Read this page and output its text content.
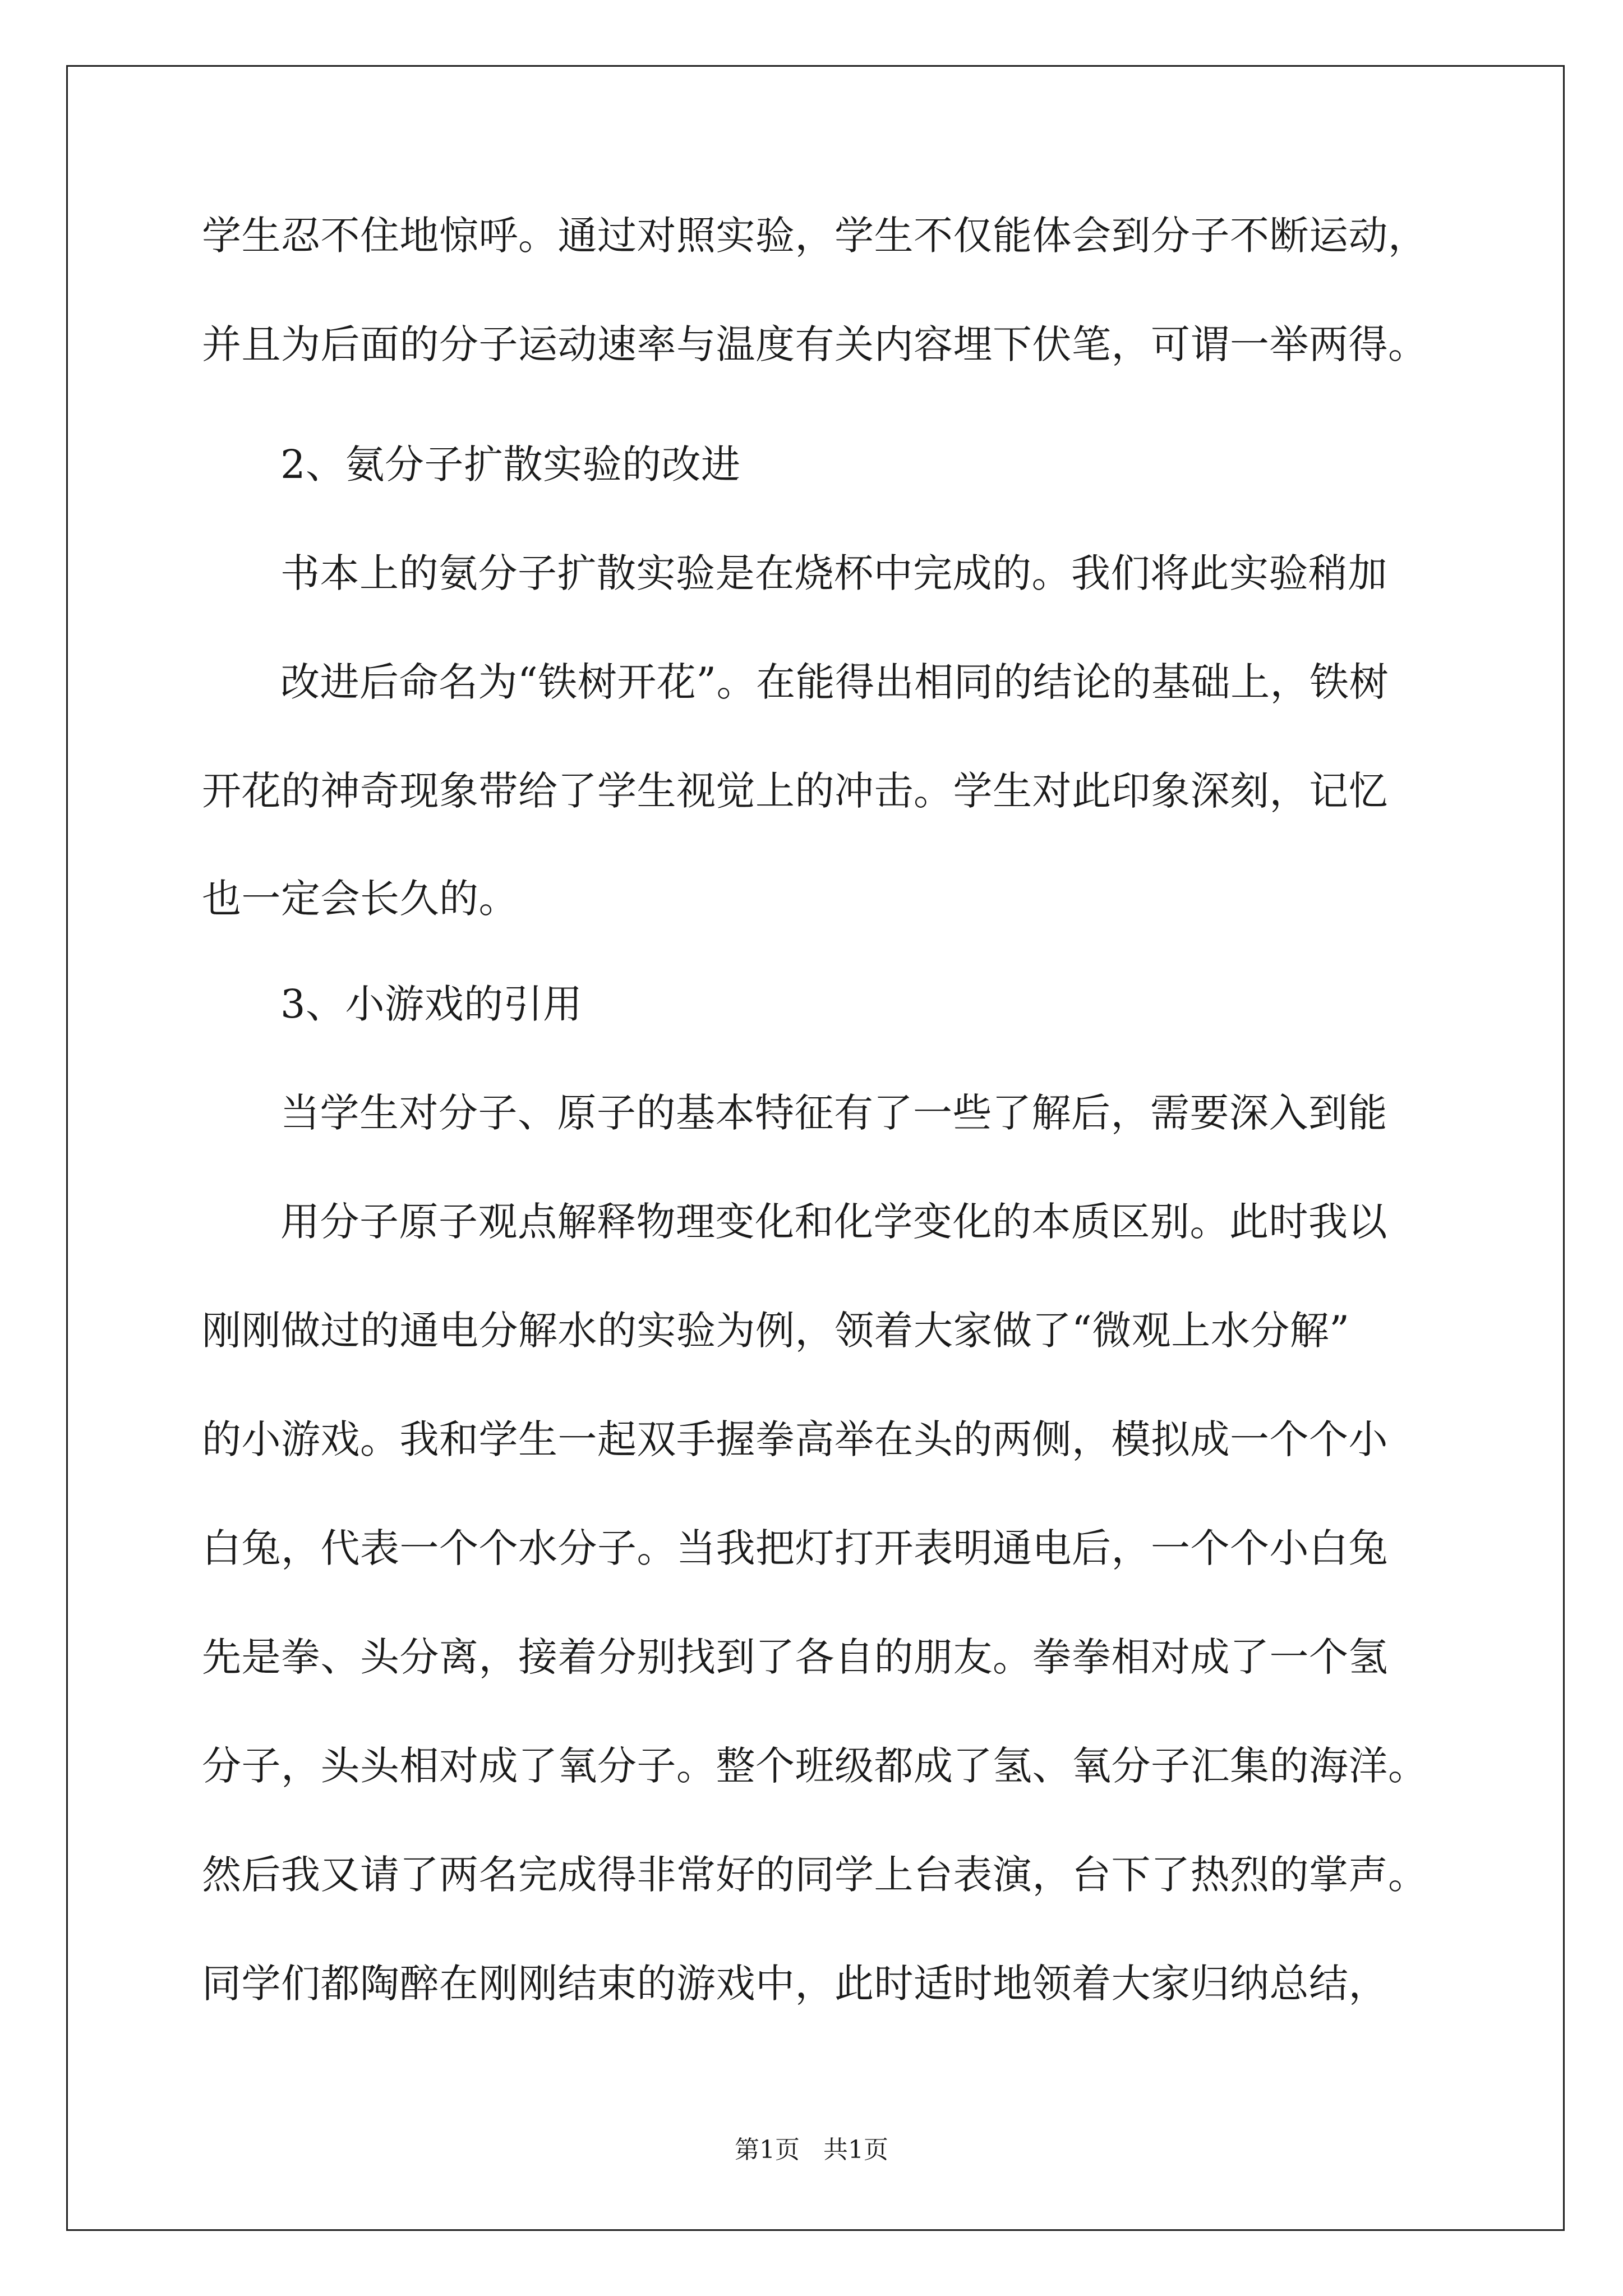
学生忍不住地惊呼。通过对照实验，学生不仅能体会到分子不断运动，
并且为后面的分子运动速率与温度有关内容埋下伏笔，可谓一举两得。
2、氨分子扩散实验的改进
书本上的氨分子扩散实验是在烧杯中完成的。我们将此实验稍加
改进后命名为“铁树开花”。在能得出相同的结论的基础上，铁树
开花的神奇现象带给了学生视觉上的冲击。学生对此印象深刻，记忆
也一定会长久的。
3、小游戏的引用
当学生对分子、原子的基本特征有了一些了解后，需要深入到能
用分子原子观点解释物理变化和化学变化的本质区别。此时我以
刚刚做过的通电分解水的实验为例，领着大家做了“微观上水分解”
的小游戏。我和学生一起双手握拳高举在头的两侧，模拟成一个个小
白兔，代表一个个水分子。当我把灯打开表明通电后，一个个小白兔
先是拳、头分离，接着分别找到了各自的朋友。拳拳相对成了一个氢
分子，头头相对成了氧分子。整个班级都成了氢、氧分子汇集的海洋。
然后我又请了两名完成得非常好的同学上台表演，台下了热烈的掌声。
同学们都陶醉在刚刚结束的游戏中，此时适时地领着大家归纳总结，
第1页   共1页
